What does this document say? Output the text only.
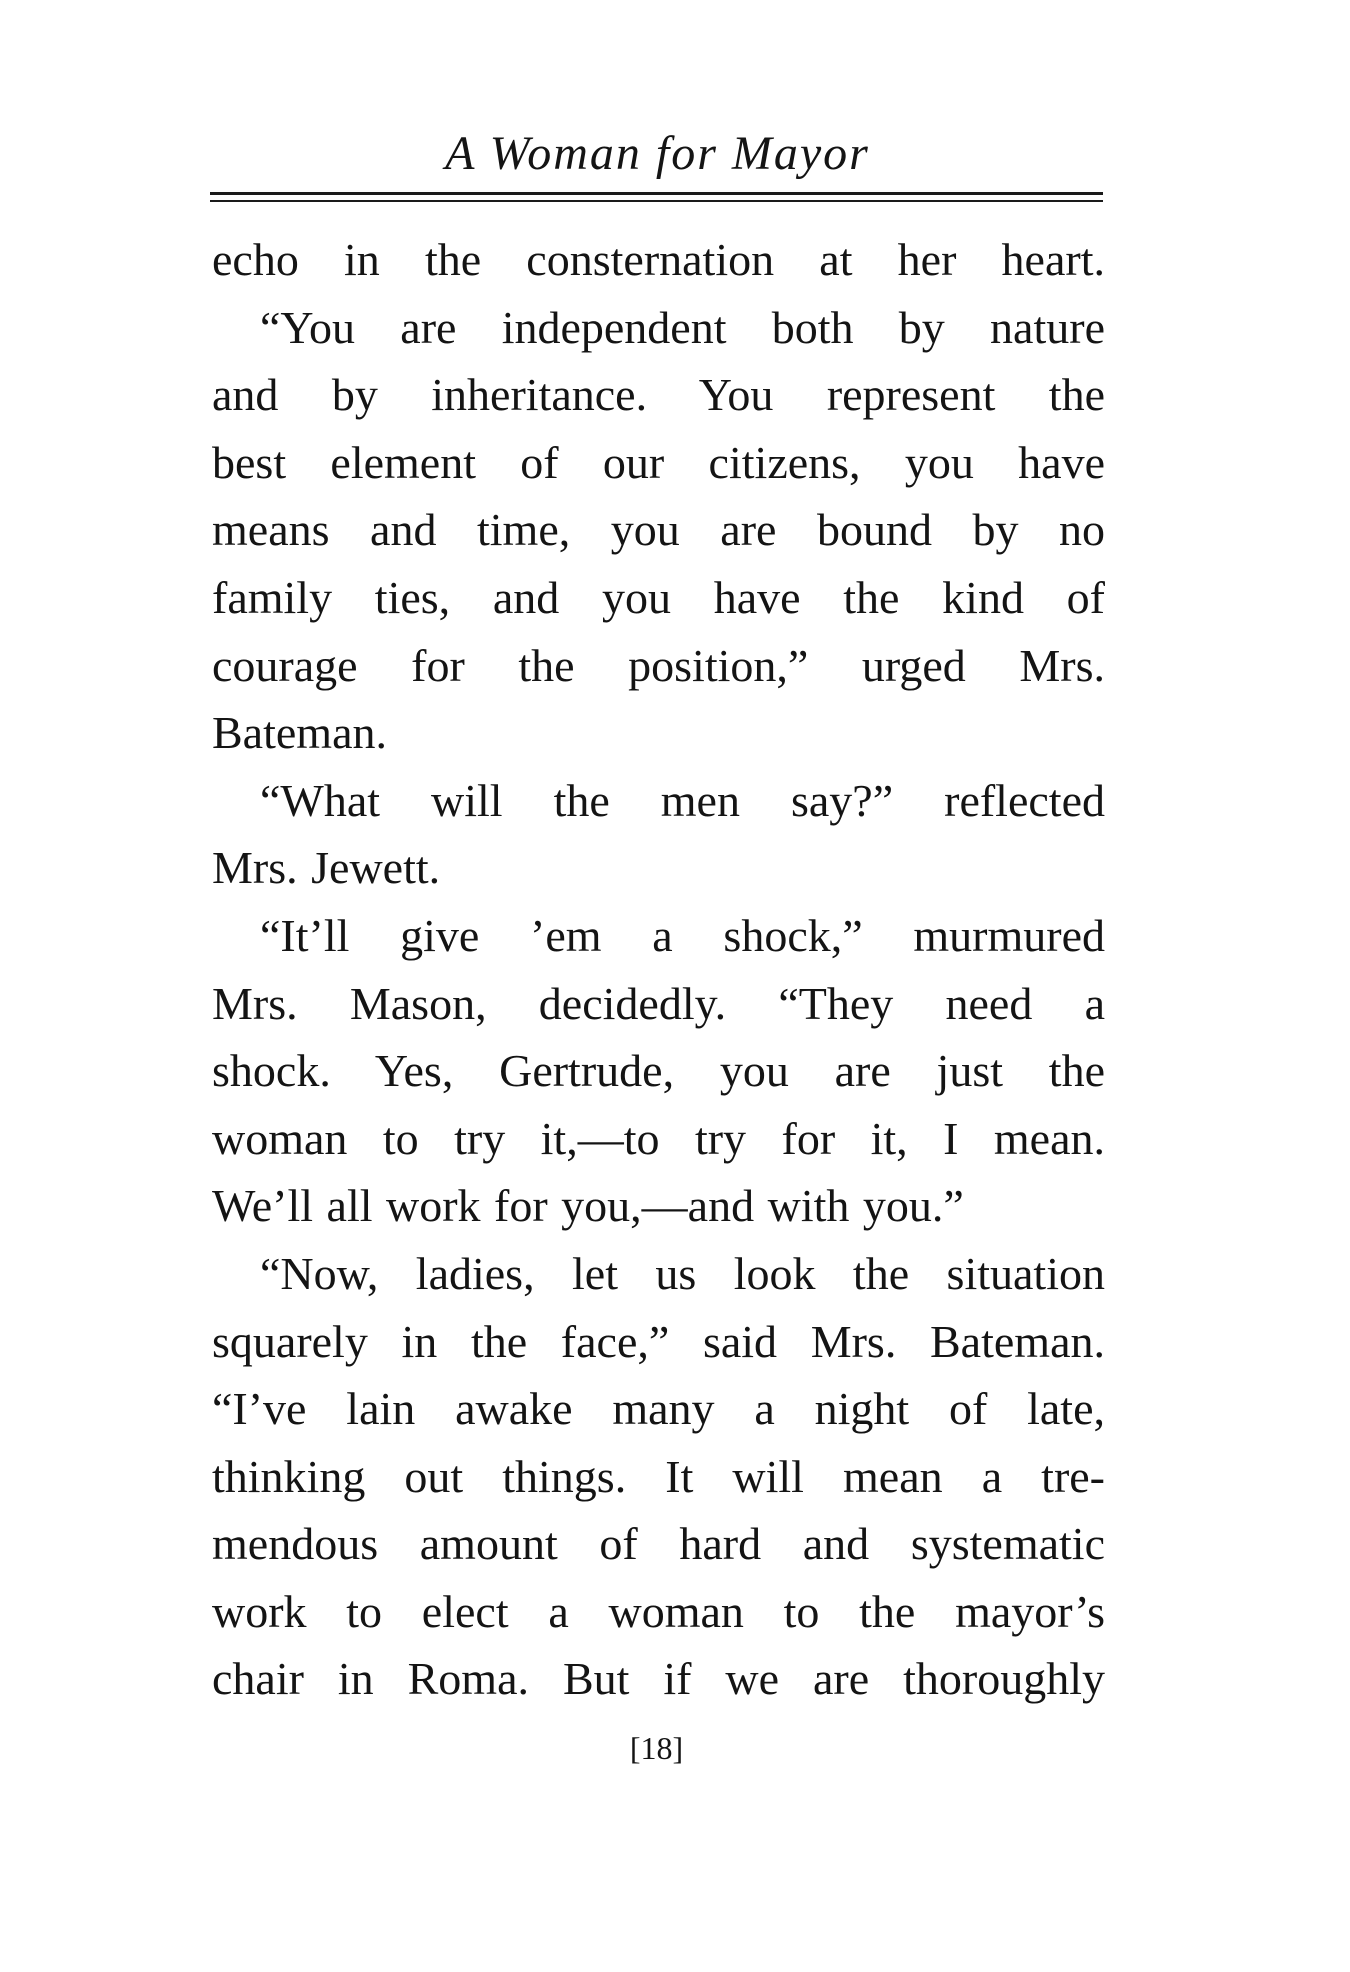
A Woman for Mayor
echo in the consternation at her heart.
“You are independent both by nature
and by inheritance. You represent the
best element of our citizens, you have
means and time, you are bound by no
family ties, and you have the kind of
courage for the position,” urged Mrs.
Bateman.
“What will the men say?” reflected
Mrs. Jewett.
“It’ll give ’em a shock,” murmured
Mrs. Mason, decidedly. “They need a
shock. Yes, Gertrude, you are just the
woman to try it,—to try for it, I mean.
We’ll all work for you,—and with you.”
“Now, ladies, let us look the situation
squarely in the face,” said Mrs. Bateman.
“I’ve lain awake many a night of late,
thinking out things. It will mean a tre-
mendous amount of hard and systematic
work to elect a woman to the mayor’s
chair in Roma. But if we are thoroughly
[18]
